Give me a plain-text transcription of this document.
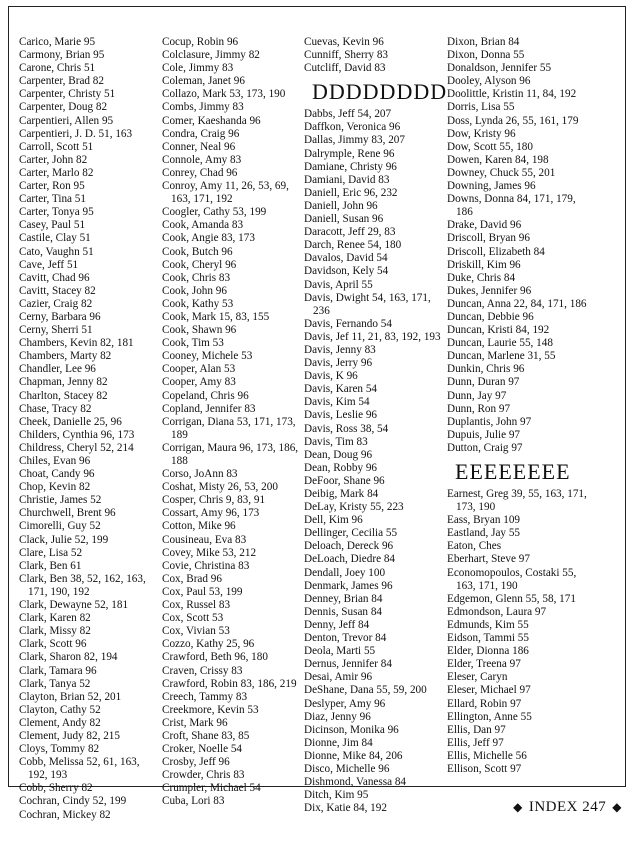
Carico, Marie 95
Carmony, Brian 95
Carone, Chris 51
Carpenter, Brad 82
Carpenter, Christy 51
Carpenter, Doug 82
Carpentieri, Allen 95
Carpentieri, J. D. 51, 163
Carroll, Scott 51
Carter, John 82
Carter, Marlo 82
Carter, Ron 95
Carter, Tina 51
Carter, Tonya 95
Casey, Paul 51
Castile, Clay 51
Cato, Vaughn 51
Cave, Jeff 51
Cavitt, Chad 96
Cavitt, Stacey 82
Cazier, Craig 82
Cerny, Barbara 96
Cerny, Sherri 51
Chambers, Kevin 82, 181
Chambers, Marty 82
Chandler, Lee 96
Chapman, Jenny 82
Charlton, Stacey 82
Chase, Tracy 82
Cheek, Danielle 25, 96
Childers, Cynthia 96, 173
Childress, Cheryl 52, 214
Chiles, Evan 96
Choat, Candy 96
Chop, Kevin 82
Christie, James 52
Churchwell, Brent 96
Cimorelli, Guy 52
Clack, Julie 52, 199
Clare, Lisa 52
Clark, Ben 61
Clark, Ben 38, 52, 162, 163, 171, 190, 192
Clark, Dewayne 52, 181
Clark, Karen 82
Clark, Missy 82
Clark, Scott 96
Clark, Sharon 82, 194
Clark, Tamara 96
Clark, Tanya 52
Clayton, Brian 52, 201
Clayton, Cathy 52
Clement, Andy 82
Clement, Judy 82, 215
Cloys, Tommy 82
Cobb, Melissa 52, 61, 163, 192, 193
Cobb, Sherry 82
Cochran, Cindy 52, 199
Cochran, Mickey 82
Cocup, Robin 96
Colclasure, Jimmy 82
Cole, Jimmy 83
Coleman, Janet 96
Collazo, Mark 53, 173, 190
Combs, Jimmy 83
Comer, Kaeshanda 96
Condra, Craig 96
Conner, Neal 96
Connole, Amy 83
Conrey, Chad 96
Conroy, Amy 11, 26, 53, 69, 163, 171, 192
Coogler, Cathy 53, 199
Cook, Amanda 83
Cook, Angie 83, 173
Cook, Butch 96
Cook, Cheryl 96
Cook, Chris 83
Cook, John 96
Cook, Kathy 53
Cook, Mark 15, 83, 155
Cook, Shawn 96
Cook, Tim 53
Cooney, Michele 53
Cooper, Alan 53
Cooper, Amy 83
Copeland, Chris 96
Copland, Jennifer 83
Corrigan, Diana 53, 171, 173, 189
Corrigan, Maura 96, 173, 186, 188
Corso, JoAnn 83
Coshat, Misty 26, 53, 200
Cosper, Chris 9, 83, 91
Cossart, Amy 96, 173
Cotton, Mike 96
Cousineau, Eva 83
Covey, Mike 53, 212
Covie, Christina 83
Cox, Brad 96
Cox, Paul 53, 199
Cox, Russel 83
Cox, Scott 53
Cox, Vivian 53
Cozzo, Kathy 25, 96
Crawford, Beth 96, 180
Craven, Crissy 83
Crawford, Robin 83, 186, 219
Creech, Tammy 83
Creekmore, Kevin 53
Crist, Mark 96
Croft, Shane 83, 85
Croker, Noelle 54
Crosby, Jeff 96
Crowder, Chris 83
Crumpler, Michael 54
Cuba, Lori 83
Cuevas, Kevin 96
Cunniff, Sherry 83
Cutcliff, David 83
DDDDDDDD
Dabbs, Jeff 54, 207
Daffkon, Veronica 96
Dallas, Jimmy 83, 207
Dalrymple, Rene 96
Damiane, Christy 96
Damiani, David 83
Daniell, Eric 96, 232
Daniell, John 96
Daniell, Susan 96
Daracott, Jeff 29, 83
Darch, Renee 54, 180
Davalos, David 54
Davidson, Kely 54
Davis, April 55
Davis, Dwight 54, 163, 171, 236
Davis, Fernando 54
Davis, Jef 11, 21, 83, 192, 193
Davis, Jenny 83
Davis, Jerry 96
Davis, K 96
Davis, Karen 54
Davis, Kim 54
Davis, Leslie 96
Davis, Ross 38, 54
Davis, Tim 83
Dean, Doug 96
Dean, Robby 96
DeFoor, Shane 96
Deibig, Mark 84
DeLay, Kristy 55, 223
Dell, Kim 96
Dellinger, Cecilia 55
Deloach, Dereck 96
DeLoach, Diedre 84
Dendall, Joey 100
Denmark, James 96
Denney, Brian 84
Dennis, Susan 84
Denny, Jeff 84
Denton, Trevor 84
Deola, Marti 55
Dernus, Jennifer 84
Desai, Amir 96
DeShane, Dana 55, 59, 200
Deslyper, Amy 96
Diaz, Jenny 96
Dicinson, Monika 96
Dionne, Jim 84
Dionne, Mike 84, 206
Disco, Michelle 96
Dishmond, Vanessa 84
Ditch, Kim 95
Dix, Katie 84, 192
Dixon, Brian 84
Dixon, Donna 55
Donaldson, Jennifer 55
Dooley, Alyson 96
Doolittle, Kristin 11, 84, 192
Dorris, Lisa 55
Doss, Lynda 26, 55, 161, 179
Dow, Kristy 96
Dow, Scott 55, 180
Dowen, Karen 84, 198
Downey, Chuck 55, 201
Downing, James 96
Downs, Donna 84, 171, 179, 186
Drake, David 96
Driscoll, Bryan 96
Driscoll, Elizabeth 84
Driskill, Kim 96
Duke, Chris 84
Dukes, Jennifer 96
Duncan, Anna 22, 84, 171, 186
Duncan, Debbie 96
Duncan, Kristi 84, 192
Duncan, Laurie 55, 148
Duncan, Marlene 31, 55
Dunkin, Chris 96
Dunn, Duran 97
Dunn, Jay 97
Dunn, Ron 97
Duplantis, John 97
Dupuis, Julie 97
Dutton, Craig 97
EEEEEEEE
Earnest, Greg 39, 55, 163, 171, 173, 190
Eass, Bryan 109
Eastland, Jay 55
Eaton, Ches
Eberhart, Steve 97
Economopoulos, Costaki 55, 163, 171, 190
Edgemon, Glenn 55, 58, 171
Edmondson, Laura 97
Edmunds, Kim 55
Eidson, Tammi 55
Elder, Dionna 186
Elder, Treena 97
Eleser, Caryn
Eleser, Michael 97
Ellard, Robin 97
Ellington, Anne 55
Ellis, Dan 97
Ellis, Jeff 97
Ellis, Michelle 56
Ellison, Scott 97
◆ INDEX 247 ◆
